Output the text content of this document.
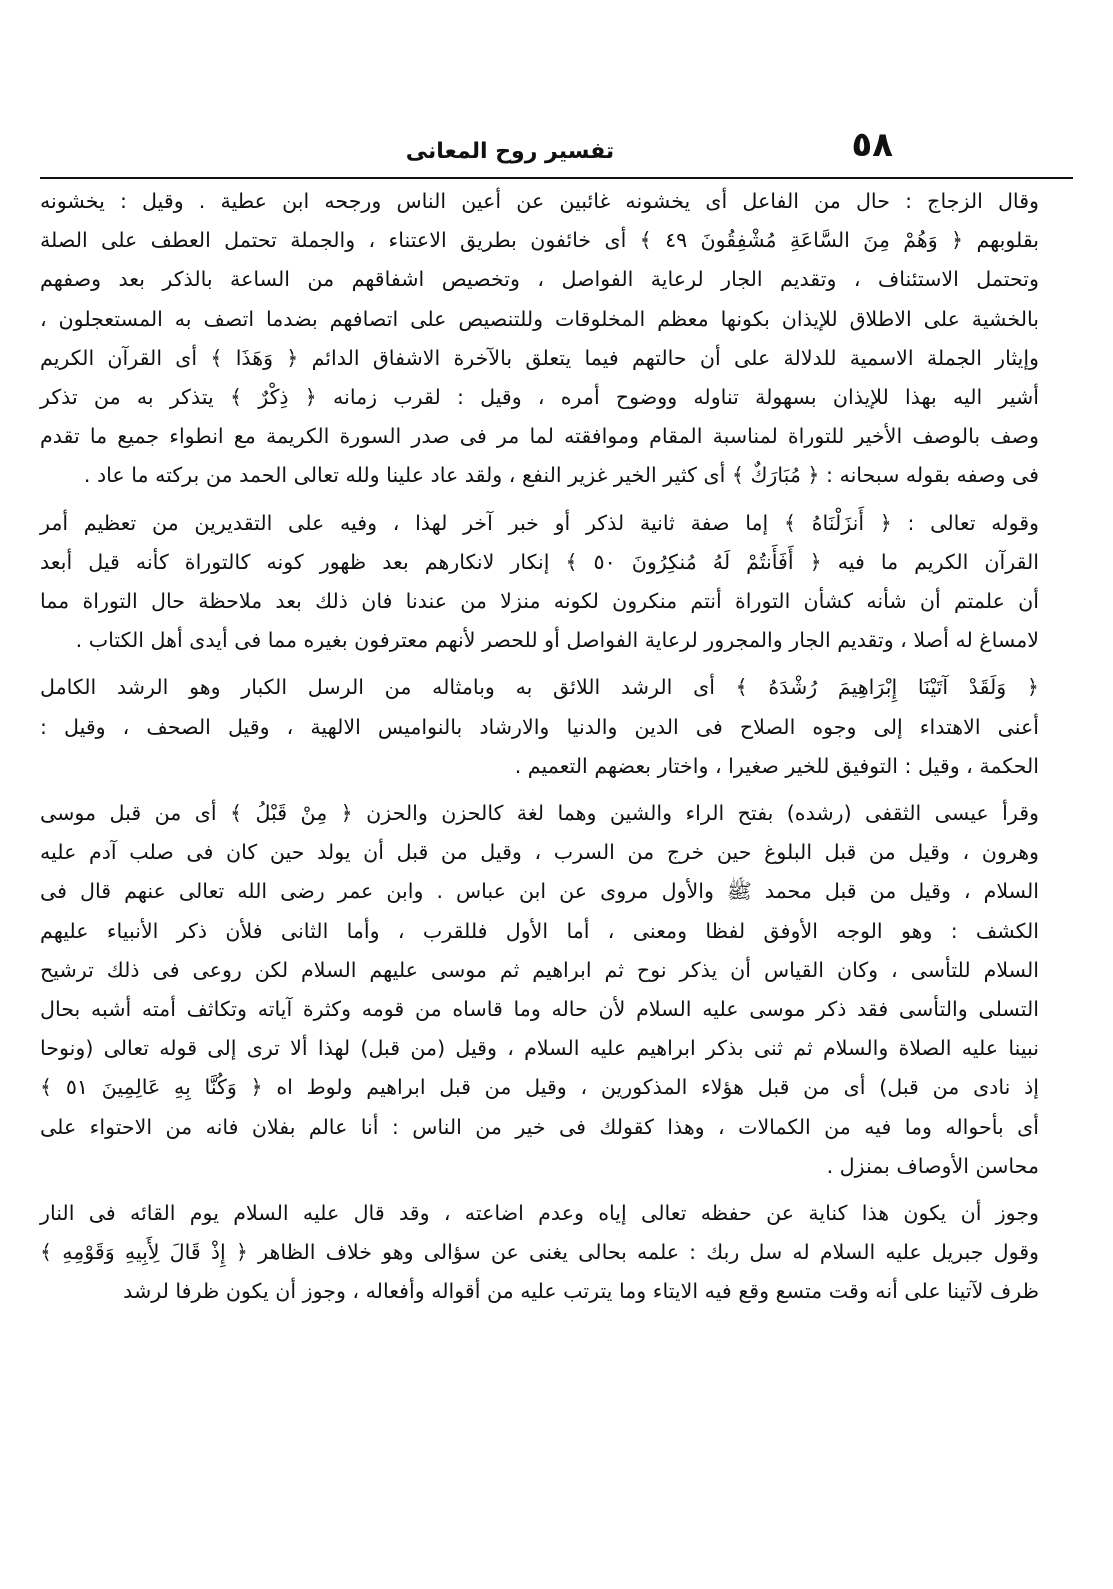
٥٨
تفسير روح المعانى
وقال الزجاج : حال من الفاعل أى يخشونه غائبين عن أعين الناس ورجحه ابن عطية . وقيل : يخشونه
بقلوبهم ﴿ وَهُمْ مِنَ السَّاعَةِ مُشْفِقُونَ ٤٩ ﴾ أى خائفون بطريق الاعتناء ، والجملة تحتمل العطف على الصلة
وتحتمل الاستئناف ، وتقديم الجار لرعاية الفواصل ، وتخصيص اشفاقهم من الساعة بالذكر بعد وصفهم
بالخشية على الاطلاق للإيذان بكونها معظم المخلوقات وللتنصيص على اتصافهم بضدما اتصف به المستعجلون ،
وإيثار الجملة الاسمية للدلالة على أن حالتهم فيما يتعلق بالآخرة الاشفاق الدائم ﴿ وَهَذَا ﴾ أى القرآن الكريم
أشير اليه بهذا للإيذان بسهولة تناوله ووضوح أمره ، وقيل : لقرب زمانه ﴿ ذِكْرٌ ﴾ يتذكر به من تذكر
وصف بالوصف الأخير للتوراة لمناسبة المقام وموافقته لما مر فى صدر السورة الكريمة مع انطواء جميع ما تقدم
فى وصفه بقوله سبحانه : ﴿ مُبَارَكٌ ﴾ أى كثير الخير غزير النفع ، ولقد عاد علينا ولله تعالى الحمد من بركته ما عاد .
وقوله تعالى : ﴿ أَنزَلْنَاهُ ﴾ إما صفة ثانية لذكر أو خبر آخر لهذا ، وفيه على التقديرين من تعظيم أمر
القرآن الكريم ما فيه ﴿ أَفَأَنتُمْ لَهُ مُنكِرُونَ ٥٠ ﴾ إنكار لانكارهم بعد ظهور كونه كالتوراة كأنه قيل أبعد
أن علمتم أن شأنه كشأن التوراة أنتم منكرون لكونه منزلا من عندنا فان ذلك بعد ملاحظة حال التوراة مما
لامساغ له أصلا ، وتقديم الجار والمجرور لرعاية الفواصل أو للحصر لأنهم معترفون بغيره مما فى أيدى أهل الكتاب .
﴿ وَلَقَدْ آتَيْنَا إِبْرَاهِيمَ رُشْدَهُ ﴾ أى الرشد اللائق به وبامثاله من الرسل الكبار وهو الرشد الكامل
أعنى الاهتداء إلى وجوه الصلاح فى الدين والدنيا والارشاد بالنواميس الالهية ، وقيل الصحف ، وقيل :
الحكمة ، وقيل : التوفيق للخير صغيرا ، واختار بعضهم التعميم .
وقرأ عيسى الثقفى (رشده) بفتح الراء والشين وهما لغة كالحزن والحزن ﴿ مِنْ قَبْلُ ﴾ أى من قبل موسى
وهرون ، وقيل من قبل البلوغ حين خرج من السرب ، وقيل من قبل أن يولد حين كان فى صلب آدم عليه
السلام ، وقيل من قبل محمد ﷺ والأول مروى عن ابن عباس . وابن عمر رضى الله تعالى عنهم قال فى
الكشف : وهو الوجه الأوفق لفظا ومعنى ، أما الأول فللقرب ، وأما الثانى فلأن ذكر الأنبياء عليهم
السلام للتأسى ، وكان القياس أن يذكر نوح ثم ابراهيم ثم موسى عليهم السلام لكن روعى فى ذلك ترشيح
التسلى والتأسى فقد ذكر موسى عليه السلام لأن حاله وما قاساه من قومه وكثرة آياته وتكاثف أمته أشبه بحال
نبينا عليه الصلاة والسلام ثم ثنى بذكر ابراهيم عليه السلام ، وقيل (من قبل) لهذا ألا ترى إلى قوله تعالى (ونوحا
إذ نادى من قبل) أى من قبل هؤلاء المذكورين ، وقيل من قبل ابراهيم ولوط اه ﴿ وَكُنَّا بِهِ عَالِمِينَ ٥١ ﴾
أى بأحواله وما فيه من الكمالات ، وهذا كقولك فى خير من الناس : أنا عالم بفلان فانه من الاحتواء على
محاسن الأوصاف بمنزل .
وجوز أن يكون هذا كناية عن حفظه تعالى إياه وعدم اضاعته ، وقد قال عليه السلام يوم القائه فى النار
وقول جبريل عليه السلام له سل ربك : علمه بحالى يغنى عن سؤالى وهو خلاف الظاهر ﴿ إِذْ قَالَ لِأَبِيهِ وَقَوْمِهِ ﴾
ظرف لآتينا على أنه وقت متسع وقع فيه الايتاء وما يترتب عليه من أقواله وأفعاله ، وجوز أن يكون ظرفا لرشد
